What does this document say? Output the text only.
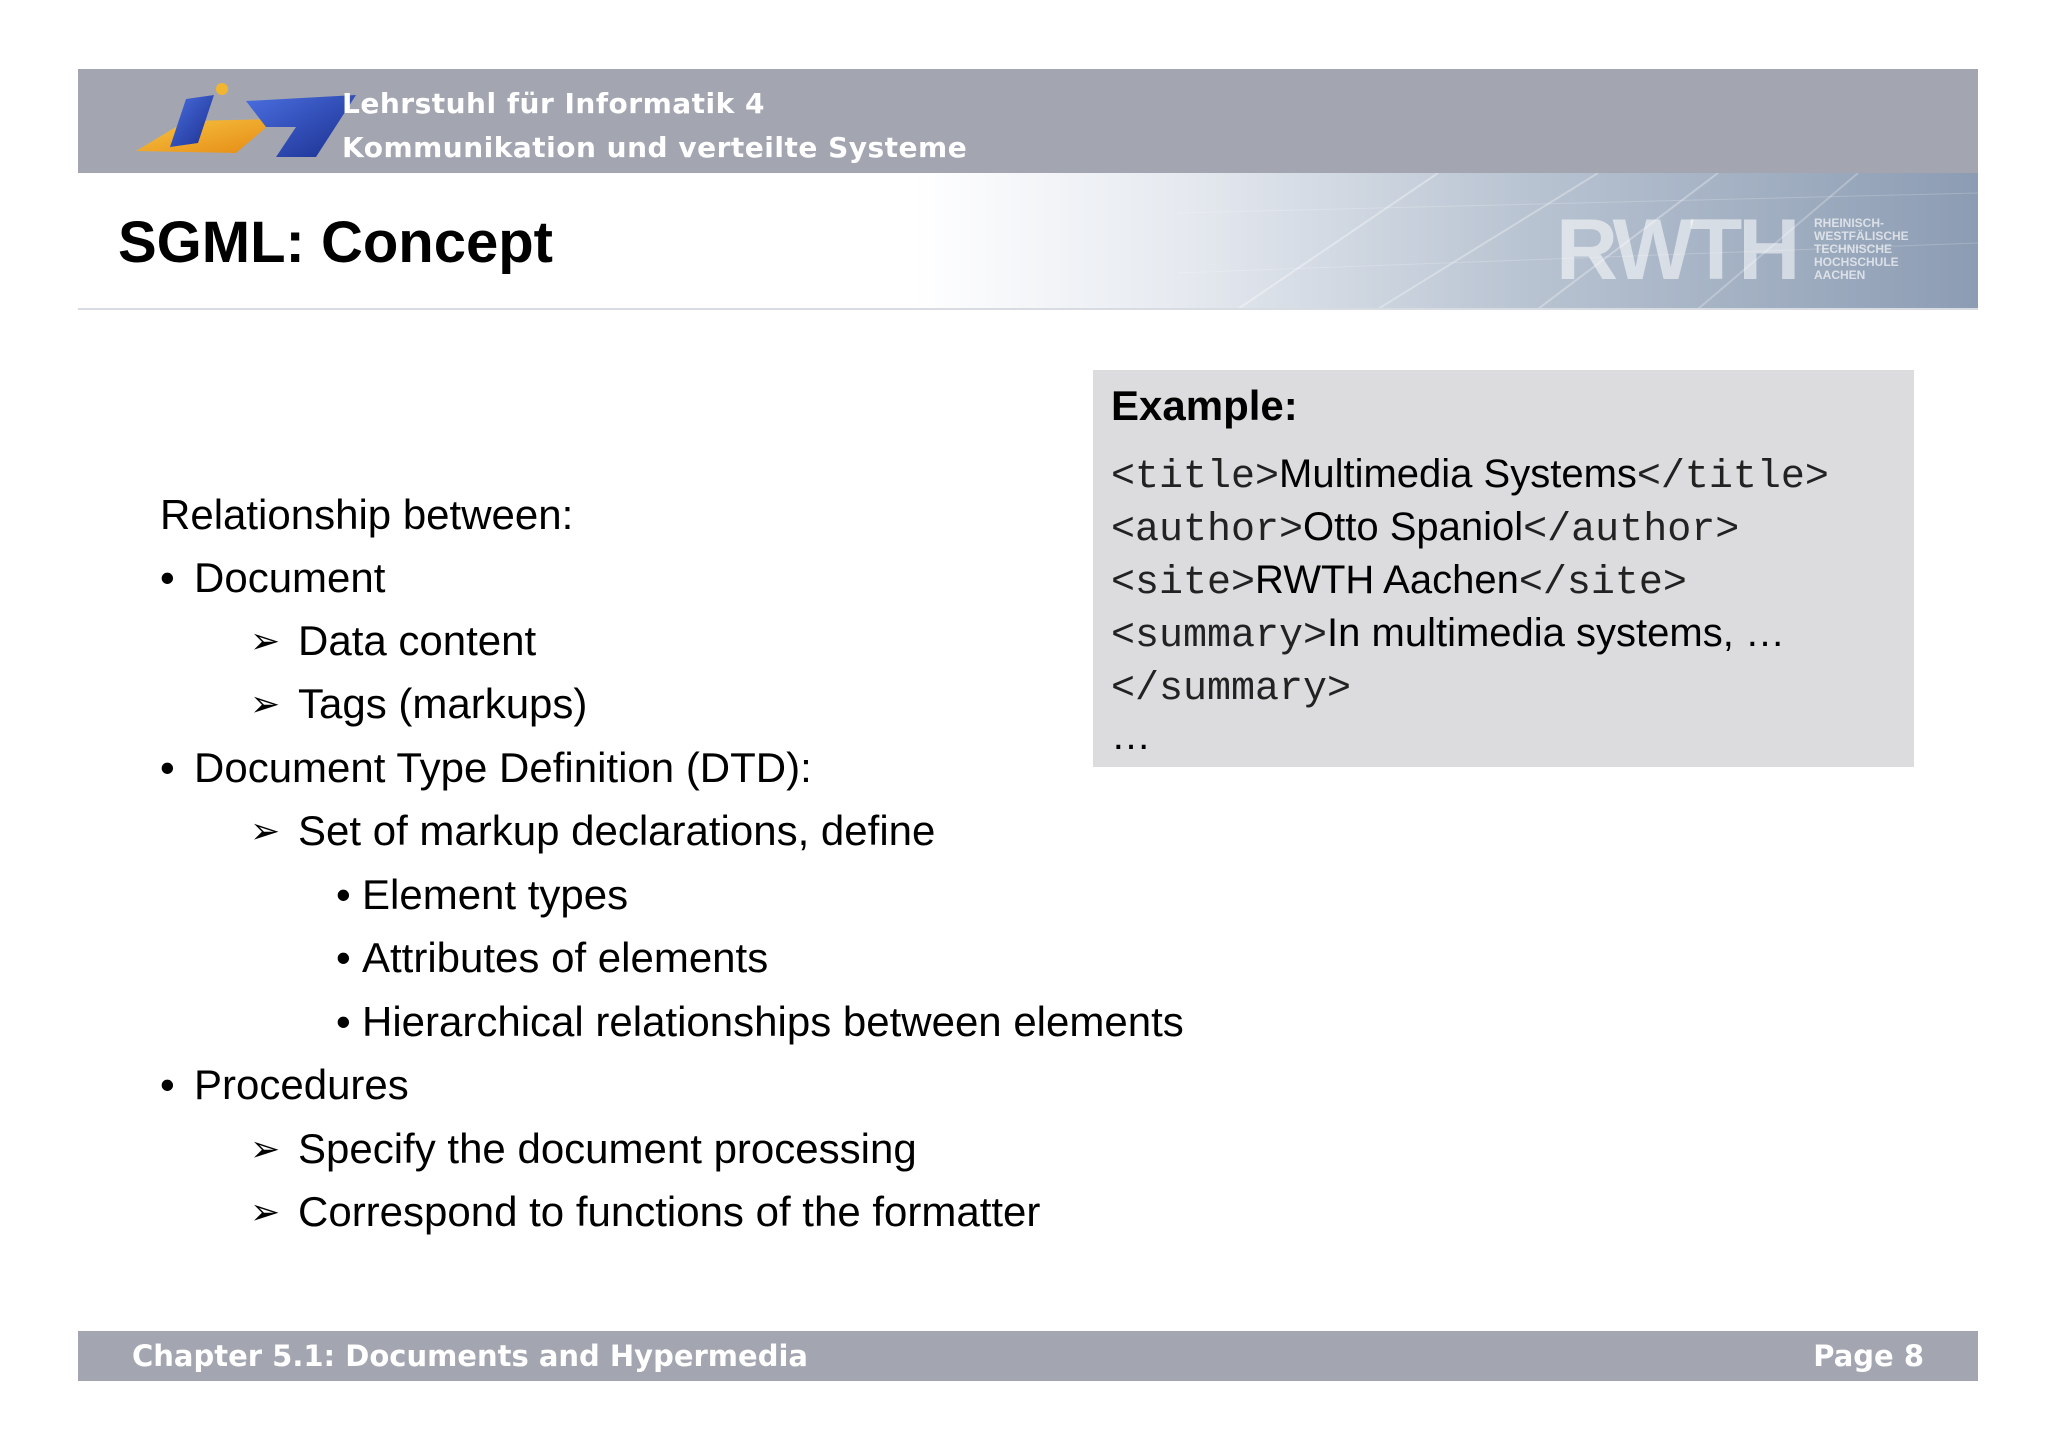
Lehrstuhl für Informatik 4
Kommunikation und verteilte Systeme
SGML: Concept	RWTH RHEINISCH-
WESTFÄLISCHE
TECHNISCHE
HOCHSCHULE
AACHEN
Example:
<title>Multimedia Systems</title>
<author>Otto Spaniol</author>
<site>RWTH Aachen</site>
<summary>In multimedia systems, …
</summary>
…
Relationship between:
• Document
➢ Data content
➢ Tags (markups)
• Document Type Definition (DTD):
➢ Set of markup declarations, define
• Element types
• Attributes of elements
• Hierarchical relationships between elements
• Procedures
➢ Specify the document processing
➢ Correspond to functions of the formatter
Chapter 5.1: Documents and Hypermedia	Page 8
